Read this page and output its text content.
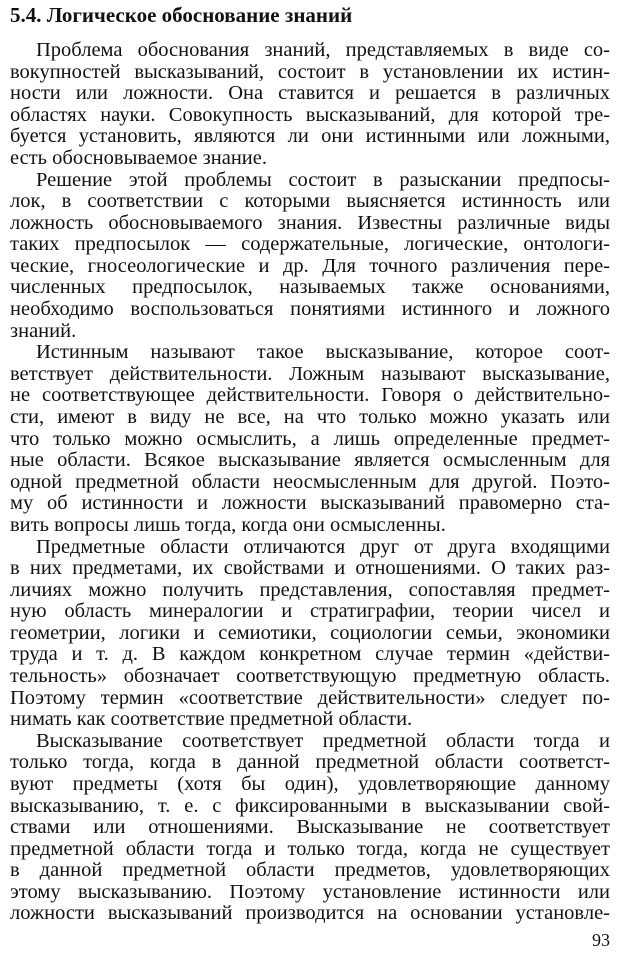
5.4. Логическое обоснование знаний

Проблема обоснования знаний, представляемых в виде со-

вокупностей высказываний, состоит в установлении их истин-

ности или ложности. Она ставится и решается в различных

областях науки. Совокупность высказываний, для которой тре-

буется установить, являются ли они истинными или ложными,

есть обосновываемое знание.

Решение этой проблемы состоит в разыскании предпосы-

лок, в соответствии с которыми выясняется истинность или

ложность обосновываемого знания. Известны различные виды

таких предпосылок — содержательные, логические, онтологи-

ческие, гносеологические и др. Для точного различения пере-

численных предпосылок, называемых также основаниями,

необходимо воспользоваться понятиями истинного и ложного

знаний.

Истинным называют такое высказывание, которое соот-

ветствует действительности. Ложным называют высказывание,

не соответствующее действительности. Говоря о действительно-

сти, имеют в виду не все, на что только можно указать или

что только можно осмыслить, а лишь определенные предмет-

ные области. Всякое высказывание является осмысленным для

одной предметной области неосмысленным для другой. Поэто-

му об истинности и ложности высказываний правомерно ста-

вить вопросы лишь тогда, когда они осмысленны.

Предметные области отличаются друг от друга входящими

в них предметами, их свойствами и отношениями. О таких раз-

личиях можно получить представления, сопоставляя предмет-

ную область минералогии и стратиграфии, теории чисел и

геометрии, логики и семиотики, социологии семьи, экономики

труда и т. д. В каждом конкретном случае термин «действи-

тельность» обозначает соответствующую предметную область.

Поэтому термин «соответствие действительности» следует по-

нимать как соответствие предметной области.

Высказывание соответствует предметной области тогда и

только тогда, когда в данной предметной области соответст-

вуют предметы (хотя бы один), удовлетворяющие данному

высказыванию, т. е. с фиксированными в высказывании свой-

ствами или отношениями. Высказывание не соответствует

предметной области тогда и только тогда, когда не существует

в данной предметной области предметов, удовлетворяющих

этому высказыванию. Поэтому установление истинности или

ложности высказываний производится на основании установле-

93
